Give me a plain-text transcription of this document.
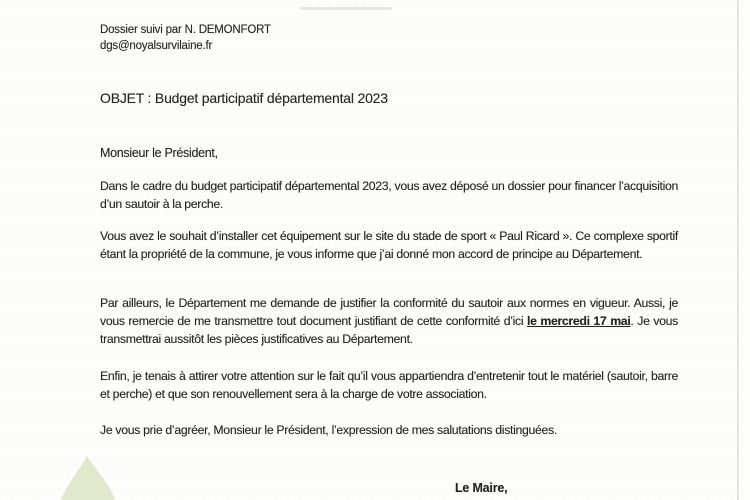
Dossier suivi par N. DEMONFORT
dgs@noyalsurvilaine.fr
OBJET : Budget participatif départemental 2023
Monsieur le Président,
Dans le cadre du budget participatif départemental 2023, vous avez déposé un dossier pour financer l’acquisition d’un sautoir à la perche.
Vous avez le souhait d’installer cet équipement sur le site du stade de sport « Paul Ricard ». Ce complexe sportif étant la propriété de la commune, je vous informe que j’ai donné mon accord de principe au Département.
Par ailleurs, le Département me demande de justifier la conformité du sautoir aux normes en vigueur. Aussi, je vous remercie de me transmettre tout document justifiant de cette conformité d’ici le mercredi 17 mai. Je vous transmettrai aussitôt les pièces justificatives au Département.
Enfin, je tenais à attirer votre attention sur le fait qu’il vous appartiendra d’entretenir tout le matériel (sautoir, barre et perche) et que son renouvellement sera à la charge de votre association.
Je vous prie d’agréer, Monsieur le Président, l’expression de mes salutations distinguées.
Le Maire,
